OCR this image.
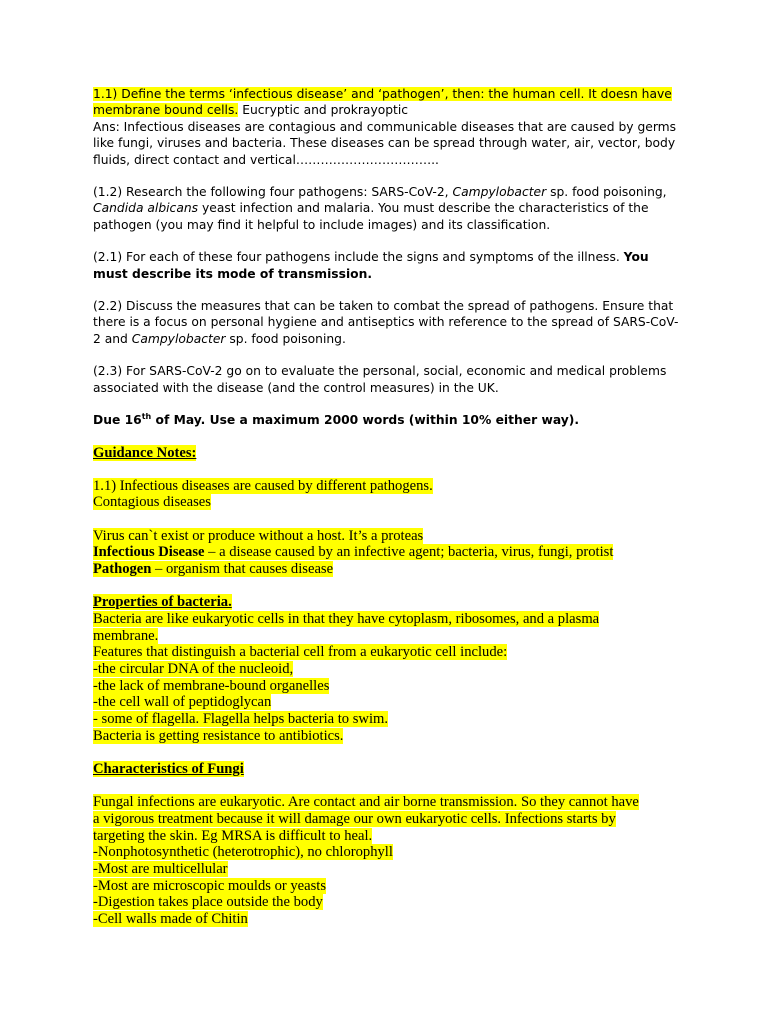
1.1) Define the terms ‘infectious disease’ and ‘pathogen’, then: the human cell. It doesn have
membrane bound cells. Eucryptic and prokrayoptic

Ans: Infectious diseases are contagious and communicable diseases that are caused by germs like fungi, viruses and bacteria. These diseases can be spread through water, air, vector, body fluids, direct contact and vertical……………………………..

(1.2) Research the following four pathogens: SARS-CoV-2, Campylobacter sp. food poisoning,
Candida albicans yeast infection and malaria. You must describe the characteristics of the pathogen (you may find it helpful to include images) and its classification.

(2.1) For each of these four pathogens include the signs and symptoms of the illness. You must describe its mode of transmission.

(2.2) Discuss the measures that can be taken to combat the spread of pathogens. Ensure that there is a focus on personal hygiene and antiseptics with reference to the spread of SARS-CoV-2 and Campylobacter sp. food poisoning.

(2.3) For SARS-CoV-2 go on to evaluate the personal, social, economic and medical problems associated with the disease (and the control measures) in the UK.

Due 16th of May. Use a maximum 2000 words (within 10% either way).

Guidance Notes:

1.1) Infectious diseases are caused by different pathogens.

Contagious diseases

Virus can`t exist or produce without a host. It’s a proteas

Infectious Disease – a disease caused by an infective agent; bacteria, virus, fungi, protist

Pathogen – organism that causes disease

Properties of bacteria.

Bacteria are like eukaryotic cells in that they have cytoplasm, ribosomes, and a plasma

membrane.

Features that distinguish a bacterial cell from a eukaryotic cell include:

-the circular DNA of the nucleoid,

-the lack of membrane-bound organelles

-the cell wall of peptidoglycan

- some of flagella. Flagella helps bacteria to swim.

Bacteria is getting resistance to antibiotics.

Characteristics of Fungi

Fungal infections are eukaryotic. Are contact and air borne transmission. So they cannot have

a vigorous treatment because it will damage our own eukaryotic cells. Infections starts by

targeting the skin. Eg MRSA is difficult to heal.

-Nonphotosynthetic (heterotrophic), no chlorophyll

-Most are multicellular

-Most are microscopic moulds or yeasts

-Digestion takes place outside the body

-Cell walls made of Chitin
